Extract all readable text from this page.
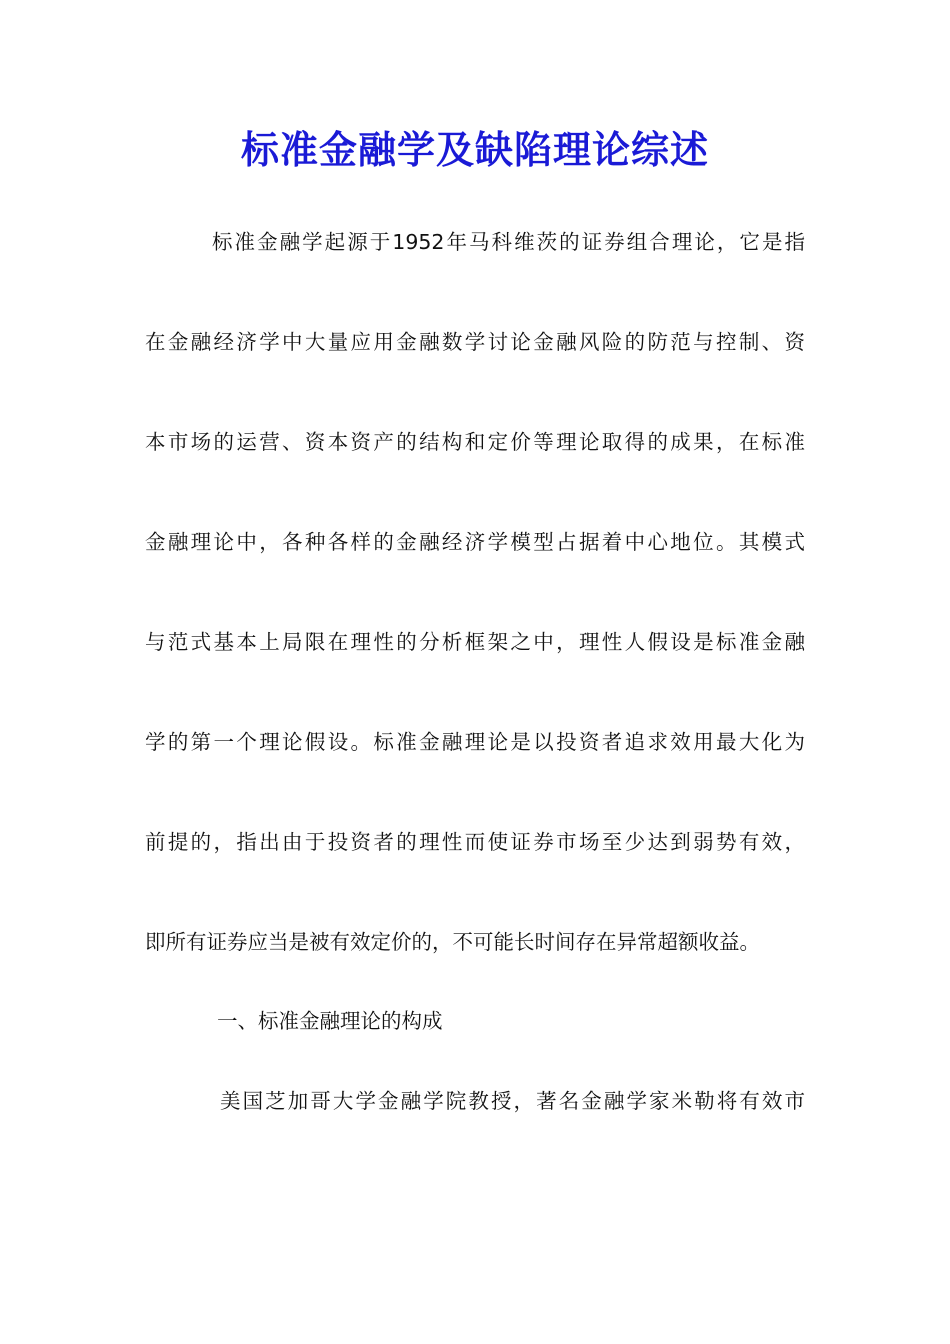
标准金融学及缺陷理论综述
标准金融学起源于1952年马科维茨的证券组合理论，它是指
在金融经济学中大量应用金融数学讨论金融风险的防范与控制、资
本市场的运营、资本资产的结构和定价等理论取得的成果，在标准
金融理论中，各种各样的金融经济学模型占据着中心地位。其模式
与范式基本上局限在理性的分析框架之中，理性人假设是标准金融
学的第一个理论假设。标准金融理论是以投资者追求效用最大化为
前提的，指出由于投资者的理性而使证券市场至少达到弱势有效，
即所有证券应当是被有效定价的，不可能长时间存在异常超额收益。
一、标准金融理论的构成
美国芝加哥大学金融学院教授，著名金融学家米勒将有效市
